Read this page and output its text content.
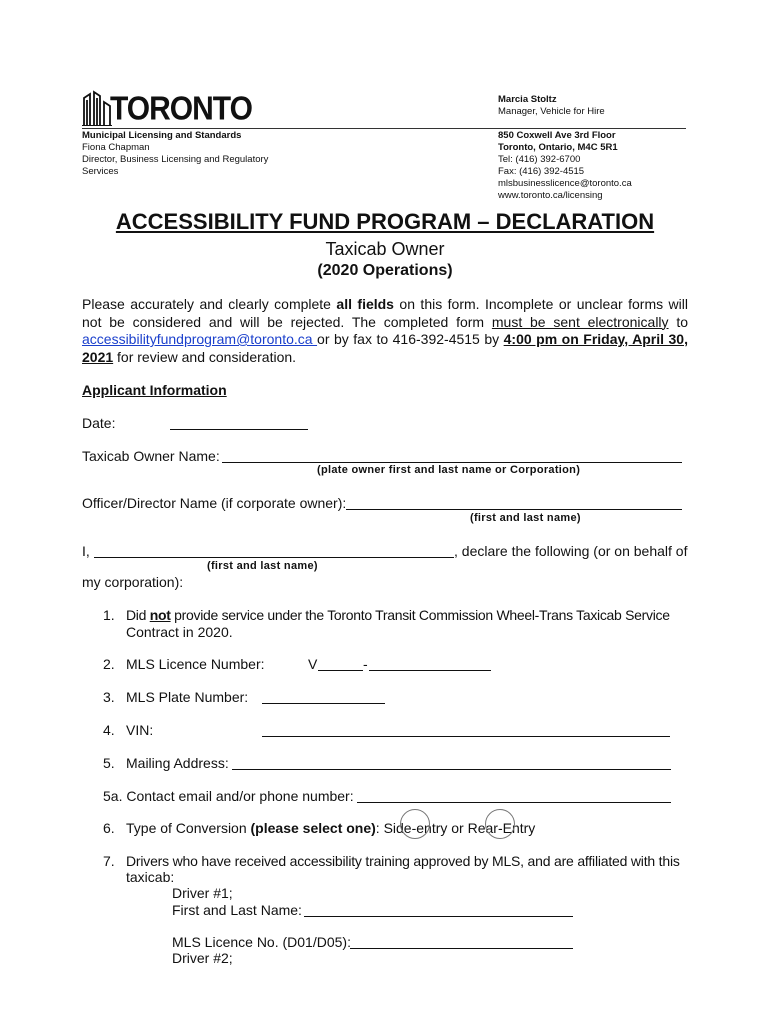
TORONTO
Municipal Licensing and Standards
Fiona Chapman
Director, Business Licensing and Regulatory
Services
Marcia Stoltz
Manager, Vehicle for Hire
850 Coxwell Ave 3rd Floor
Toronto, Ontario, M4C 5R1
Tel: (416) 392-6700
Fax: (416) 392-4515
mlsbusinesslicence@toronto.ca
www.toronto.ca/licensing
ACCESSIBILITY FUND PROGRAM – DECLARATION
Taxicab Owner
(2020 Operations)
Please accurately and clearly complete all fields on this form. Incomplete or unclear forms will not be considered and will be rejected. The completed form must be sent electronically to accessibilityfundprogram@toronto.ca or by fax to 416-392-4515 by 4:00 pm on Friday, April 30, 2021 for review and consideration.
Applicant Information
Date:
Taxicab Owner Name:
(plate owner first and last name or Corporation)
Officer/Director Name (if corporate owner):
(first and last name)
I,	, declare the following (or on behalf of
(first and last name)
my corporation):
1. Did not provide service under the Toronto Transit Commission Wheel-Trans Taxicab Service
Contract in 2020.
2. MLS Licence Number:	V	-
3. MLS Plate Number:
4. VIN:
5. Mailing Address:
5a. Contact email and/or phone number:
6. Type of Conversion (please select one): Side-entry or Rear-Entry
7. Drivers who have received accessibility training approved by MLS, and are affiliated with this
taxicab:
Driver #1;
First and Last Name:
MLS Licence No. (D01/D05):
Driver #2;
